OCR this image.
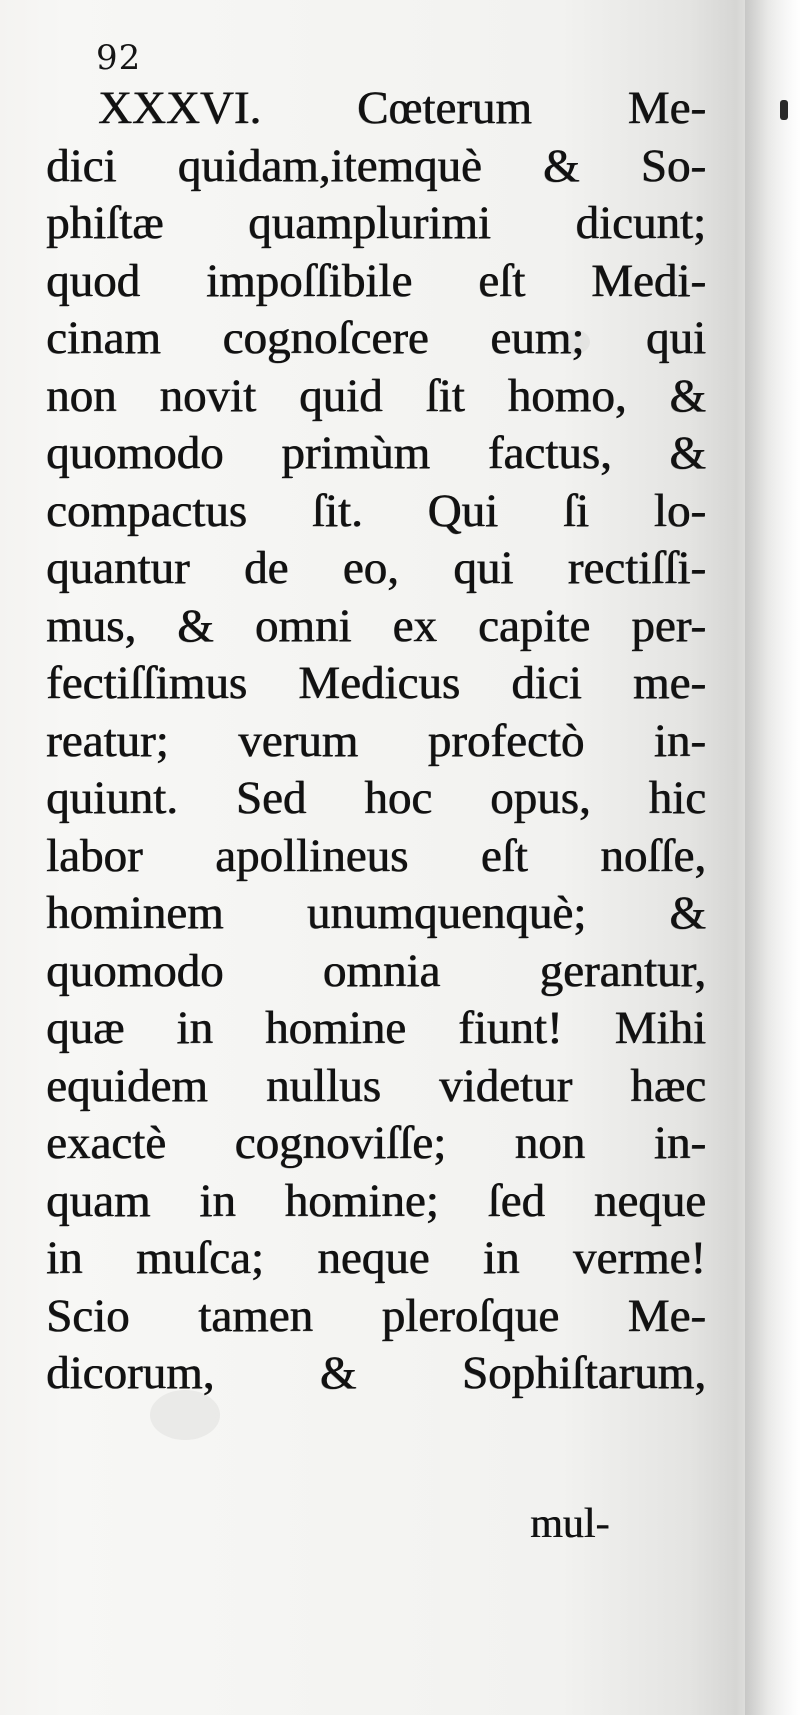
92
XXXVI. Cœterum Me-
dici quidam,itemquè & So-
phiſtæ quamplurimi dicunt;
quod impoſſibile eſt Medi-
cinam cognoſcere eum; qui
non novit quid ſit homo, &
quomodo primùm factus, &
compactus ſit. Qui ſi lo-
quantur de eo, qui rectiſſi-
mus, & omni ex capite per-
fectiſſimus Medicus dici me-
reatur; verum profectò in-
quiunt. Sed hoc opus, hic
labor apollineus eſt noſſe,
hominem unumquenquè; &
quomodo omnia gerantur,
quæ in homine fiunt! Mihi
equidem nullus videtur hæc
exactè cognoviſſe; non in-
quam in homine; ſed neque
in muſca; neque in verme!
Scio tamen pleroſque Me-
dicorum, & Sophiſtarum,
mul-
